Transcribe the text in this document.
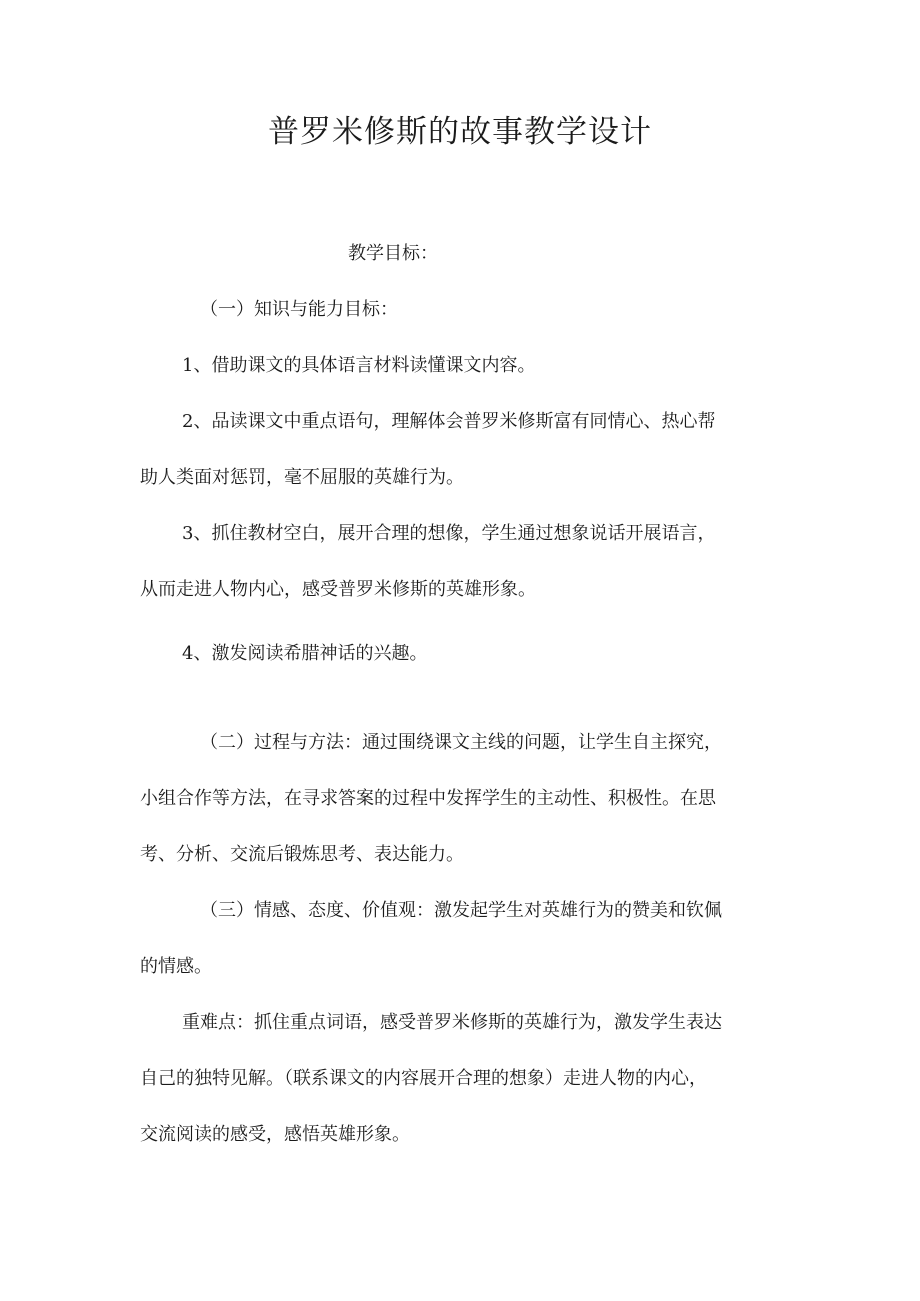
普罗米修斯的故事教学设计

教学目标：

（一）知识与能力目标：

1、借助课文的具体语言材料读懂课文内容。

2、品读课文中重点语句，理解体会普罗米修斯富有同情心、热心帮

助人类面对惩罚，毫不屈服的英雄行为。

3、抓住教材空白，展开合理的想像，学生通过想象说话开展语言，

从而走进人物内心，感受普罗米修斯的英雄形象。

4、激发阅读希腊神话的兴趣。

（二）过程与方法：通过围绕课文主线的问题，让学生自主探究，

小组合作等方法，在寻求答案的过程中发挥学生的主动性、积极性。在思

考、分析、交流后锻炼思考、表达能力。

（三）情感、态度、价值观：激发起学生对英雄行为的赞美和钦佩

的情感。

重难点：抓住重点词语，感受普罗米修斯的英雄行为，激发学生表达

自己的独特见解。（联系课文的内容展开合理的想象）走进人物的内心，

交流阅读的感受，感悟英雄形象。
